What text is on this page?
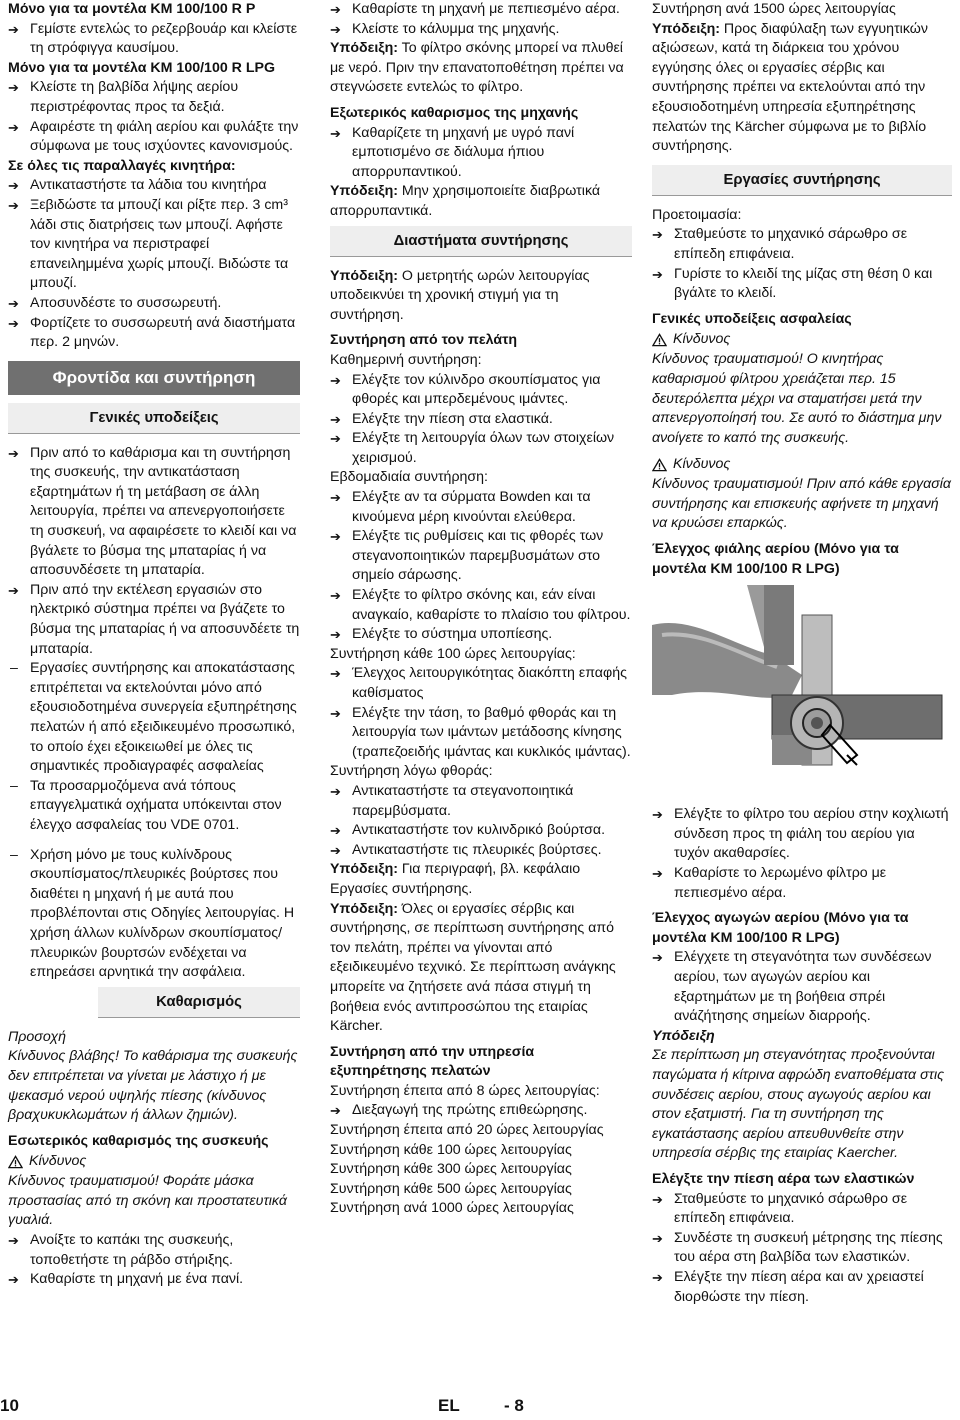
Μόνο για τα μοντέλα KM 100/100 R P

➔ Γεμίστε εντελώς το ρεζερβουάρ και κλείστε τη στρόφιγγα καυσίμου.

Μόνο για τα μοντέλα KM 100/100 R LPG

➔ Κλείστε τη βαλβίδα λήψης αερίου περιστρέφοντας προς τα δεξιά.

➔ Αφαιρέστε τη φιάλη αερίου και φυλάξτε την σύμφωνα με τους ισχύοντες κανονισμούς.

Σε όλες τις παραλλαγές κινητήρα:

➔ Αντικαταστήστε τα λάδια του κινητήρα

➔ Ξεβιδώστε τα μπουζί και ρίξτε περ. 3 cm³ λάδι στις διατρήσεις των μπουζί. Αφήστε τον κινητήρα να περιστραφεί επανειλημμένα χωρίς μπουζί. Βιδώστε τα μπουζί.

➔ Αποσυνδέστε το συσσωρευτή.

➔ Φορτίζετε το συσσωρευτή ανά διαστήματα περ. 2 μηνών.

Φροντίδα και συντήρηση
Γενικές υποδείξεις

➔ Πριν από το καθάρισμα και τη συντήρηση της συσκευής, την αντικατάσταση εξαρτημάτων ή τη μετάβαση σε άλλη λειτουργία, πρέπει να απενεργοποιήσετε τη συσκευή, να αφαιρέσετε το κλειδί και να βγάλετε το βύσμα της μπαταρίας ή να αποσυνδέσετε τη μπαταρία.

➔ Πριν από την εκτέλεση εργασιών στο ηλεκτρικό σύστημα πρέπει να βγάζετε το βύσμα της μπαταρίας ή να αποσυνδέετε τη μπαταρία.

– Εργασίες συντήρησης και αποκατάστασης επιτρέπεται να εκτελούνται μόνο από εξουσιοδοτημένα συνεργεία εξυπηρέτησης πελατών ή από εξειδικευμένο προσωπικό, το οποίο έχει εξοικειωθεί με όλες τις σημαντικές προδιαγραφές ασφαλείας

– Τα προσαρμοζόμενα ανά τόπους επαγγελματικά οχήματα υπόκεινται στον έλεγχο ασφαλείας του VDE 0701.

– Χρήση μόνο με τους κυλίνδρους σκουπίσματος/πλευρικές βούρτσες που διαθέτει η μηχανή ή με αυτά που προβλέπονται στις Οδηγίες λειτουργίας. Η χρήση άλλων κυλίνδρων σκουπίσματος/πλευρικών βουρτσών ενδέχεται να επηρεάσει αρνητικά την ασφάλεια.

Καθαρισμός

Προσοχή

Κίνδυνος βλάβης! Το καθάρισμα της συσκευής δεν επιτρέπεται να γίνεται με λάστιχο ή με ψεκασμό νερού υψηλής πίεσης (κίνδυνος βραχυκυκλωμάτων ή άλλων ζημιών).

Εσωτερικός καθαρισμός της συσκευής

Κίνδυνος

Κίνδυνος τραυματισμού! Φοράτε μάσκα προστασίας από τη σκόνη και προστατευτικά γυαλιά.

➔ Ανοίξτε το καπάκι της συσκευής, τοποθετήστε τη ράβδο στήριξης.

➔ Καθαρίστε τη μηχανή με ένα πανί.

➔ Καθαρίστε τη μηχανή με πεπιεσμένο αέρα.

➔ Κλείστε το κάλυμμα της μηχανής.

Υπόδειξη: Το φίλτρο σκόνης μπορεί να πλυθεί με νερό. Πριν την επανατοποθέτηση πρέπει να στεγνώσετε εντελώς το φίλτρο.

Εξωτερικός καθαρισμος της μηχανής

➔ Καθαρίζετε τη μηχανή με υγρό πανί εμποτισμένο σε διάλυμα ήπιου απορρυπαντικού.

Υπόδειξη: Μην χρησιμοποιείτε διαβρωτικά απορρυπαντικά.

Διαστήματα συντήρησης

Υπόδειξη: Ο μετρητής ωρών λειτουργίας υποδεικνύει τη χρονική στιγμή για τη συντήρηση.

Συντήρηση από τον πελάτη

Καθημερινή συντήρηση:

➔ Ελέγξτε τον κύλινδρο σκουπίσματος για φθορές και μπερδεμένους ιμάντες.

➔ Ελέγξτε την πίεση στα ελαστικά.

➔ Ελέγξτε τη λειτουργία όλων των στοιχείων χειρισμού.

Εβδομαδιαία συντήρηση:

➔ Ελέγξτε αν τα σύρματα Bowden και τα κινούμενα μέρη κινούνται ελεύθερα.

➔ Ελέγξτε τις ρυθμίσεις και τις φθορές των στεγανοποιητικών παρεμβυσμάτων στο σημείο σάρωσης.

➔ Ελέγξτε το φίλτρο σκόνης και, εάν είναι αναγκαίο, καθαρίστε το πλαίσιο του φίλτρου.

➔ Ελέγξτε το σύστημα υποπίεσης.

Συντήρηση κάθε 100 ώρες λειτουργίας:

➔ Έλεγχος λειτουργικότητας διακόπτη επαφής καθίσματος

➔ Ελέγξτε την τάση, το βαθμό φθοράς και τη λειτουργία των ιμάντων μετάδοσης κίνησης (τραπεζοειδής ιμάντας και κυκλικός ιμάντας).

Συντήρηση λόγω φθοράς:

➔ Αντικαταστήστε τα στεγανοποιητικά παρεμβύσματα.

➔ Αντικαταστήστε τον κυλινδρικό βούρτσα.

➔ Αντικαταστήστε τις πλευρικές βούρτσες.

Υπόδειξη: Για περιγραφή, βλ. κεφάλαιο Εργασίες συντήρησης.

Υπόδειξη: Όλες οι εργασίες σέρβις και συντήρησης, σε περίπτωση συντήρησης από τον πελάτη, πρέπει να γίνονται από εξειδικευμένο τεχνικό. Σε περίπτωση ανάγκης μπορείτε να ζητήσετε ανά πάσα στιγμή τη βοήθεια ενός αντιπροσώπου της εταιρίας Kärcher.

Συντήρηση από την υπηρεσία εξυπηρέτησης πελατών

Συντήρηση έπειτα από 8 ώρες λειτουργίας:

➔ Διεξαγωγή της πρώτης επιθεώρησης.

Συντήρηση έπειτα από 20 ώρες λειτουργίας

Συντήρηση κάθε 100 ώρες λειτουργίας

Συντήρηση κάθε 300 ώρες λειτουργίας

Συντήρηση κάθε 500 ώρες λειτουργίας

Συντήρηση ανά 1000 ώρες λειτουργίας

Συντήρηση ανά 1500 ώρες λειτουργίας

Υπόδειξη: Προς διαφύλαξη των εγγυητικών αξιώσεων, κατά τη διάρκεια του χρόνου εγγύησης όλες οι εργασίες σέρβις και συντήρησης πρέπει να εκτελούνται από την εξουσιοδοτημένη υπηρεσία εξυπηρέτησης πελατών της Kärcher σύμφωνα με το βιβλίο συντήρησης.

Εργασίες συντήρησης

Προετοιμασία:

➔ Σταθμεύστε το μηχανικό σάρωθρο σε επίπεδη επιφάνεια.

➔ Γυρίστε το κλειδί της μίζας στη θέση 0 και βγάλτε το κλειδί.

Γενικές υποδείξεις ασφαλείας

Κίνδυνος

Κίνδυνος τραυματισμού! Ο κινητήρας καθαρισμού φίλτρου χρειάζεται περ. 15 δευτερόλεπτα μέχρι να σταματήσει μετά την απενεργοποίησή του. Σε αυτό το διάστημα μην ανοίγετε το καπό της συσκευής.

Κίνδυνος

Κίνδυνος τραυματισμού! Πριν από κάθε εργασία συντήρησης και επισκευής αφήνετε τη μηχανή να κρυώσει επαρκώς.

Έλεγχος φιάλης αερίου (Μόνο για τα μοντέλα KM 100/100 R LPG)

➔ Ελέγξτε το φίλτρο του αερίου στην κοχλιωτή σύνδεση προς τη φιάλη του αερίου για τυχόν ακαθαρσίες.

➔ Καθαρίστε το λερωμένο φίλτρο με πεπιεσμένο αέρα.

Έλεγχος αγωγών αερίου (Μόνο για τα μοντέλα KM 100/100 R LPG)

➔ Ελέγχετε τη στεγανότητα των συνδέσεων αερίου, των αγωγών αερίου και εξαρτημάτων με τη βοήθεια σπρέι ανάζήτησης σημείων διαρροής.

Υπόδειξη

Σε περίπτωση μη στεγανότητας προξενούνται παγώματα ή κίτρινα αφρώδη εναποθέματα στις συνδέσεις αερίου, στους αγωγούς αερίου και στον εξατμιστή. Για τη συντήρηση της εγκατάστασης αερίου απευθυνθείτε στην υπηρεσία σέρβις της εταιρίας Kaercher.

Ελέγξτε την πίεση αέρα των ελαστικών

➔ Σταθμεύστε το μηχανικό σάρωθρο σε επίπεδη επιφάνεια.

➔ Συνδέστε τη συσκευή μέτρησης της πίεσης του αέρα στη βαλβίδα των ελαστικών.

➔ Ελέγξτε την πίεση αέρα και αν χρειαστεί διορθώστε την πίεση.

10	EL	- 8
